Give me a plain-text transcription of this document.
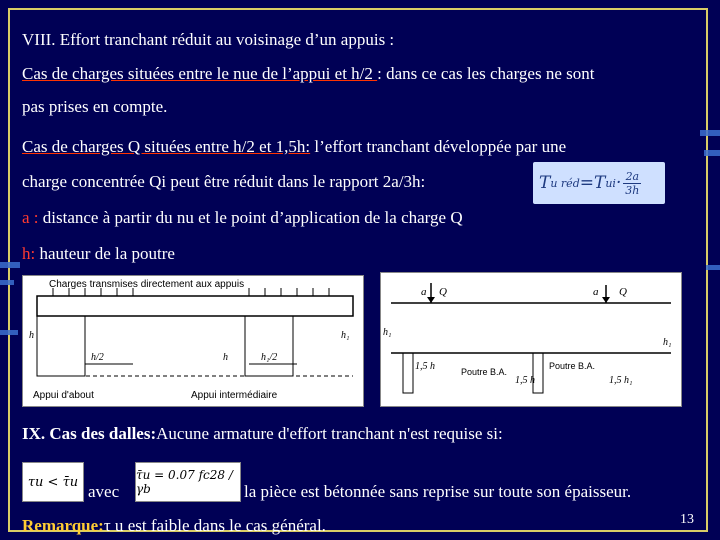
VIII. Effort tranchant réduit au voisinage d’un appuis :
Cas de charges situées entre le nue de l’appui et h/2 : dans ce cas les charges ne sont
pas prises en compte.
Cas de charges Q situées entre h/2 et 1,5h: l’effort tranchant développée par une
charge concentrée Qi peut être réduit dans le rapport 2a/3h:	T u réd = T ui · $\frac{2a}{3h}$
a : distance à partir du nu et le point d’application de la charge Q
h: hauteur de la poutre
Charges transmises directement aux appuis
h
h/2	h	h₁/2
h₁
Appui d'about	Appui intermédiaire
a Q	a Q
h₁
h₁
1,5 h	Poutre B.A.
1,5 h
Poutre B.A.
1,5 h₁
IX. Cas des dalles:Aucune armature d'effort tranchant n'est requise si:
τu < τ̄u avec
τ̄u = 0.07 fc28 / γb	la pièce est bétonnée sans reprise sur toute son épaisseur.
Remarque:τ u est faible dans le cas général.	13
